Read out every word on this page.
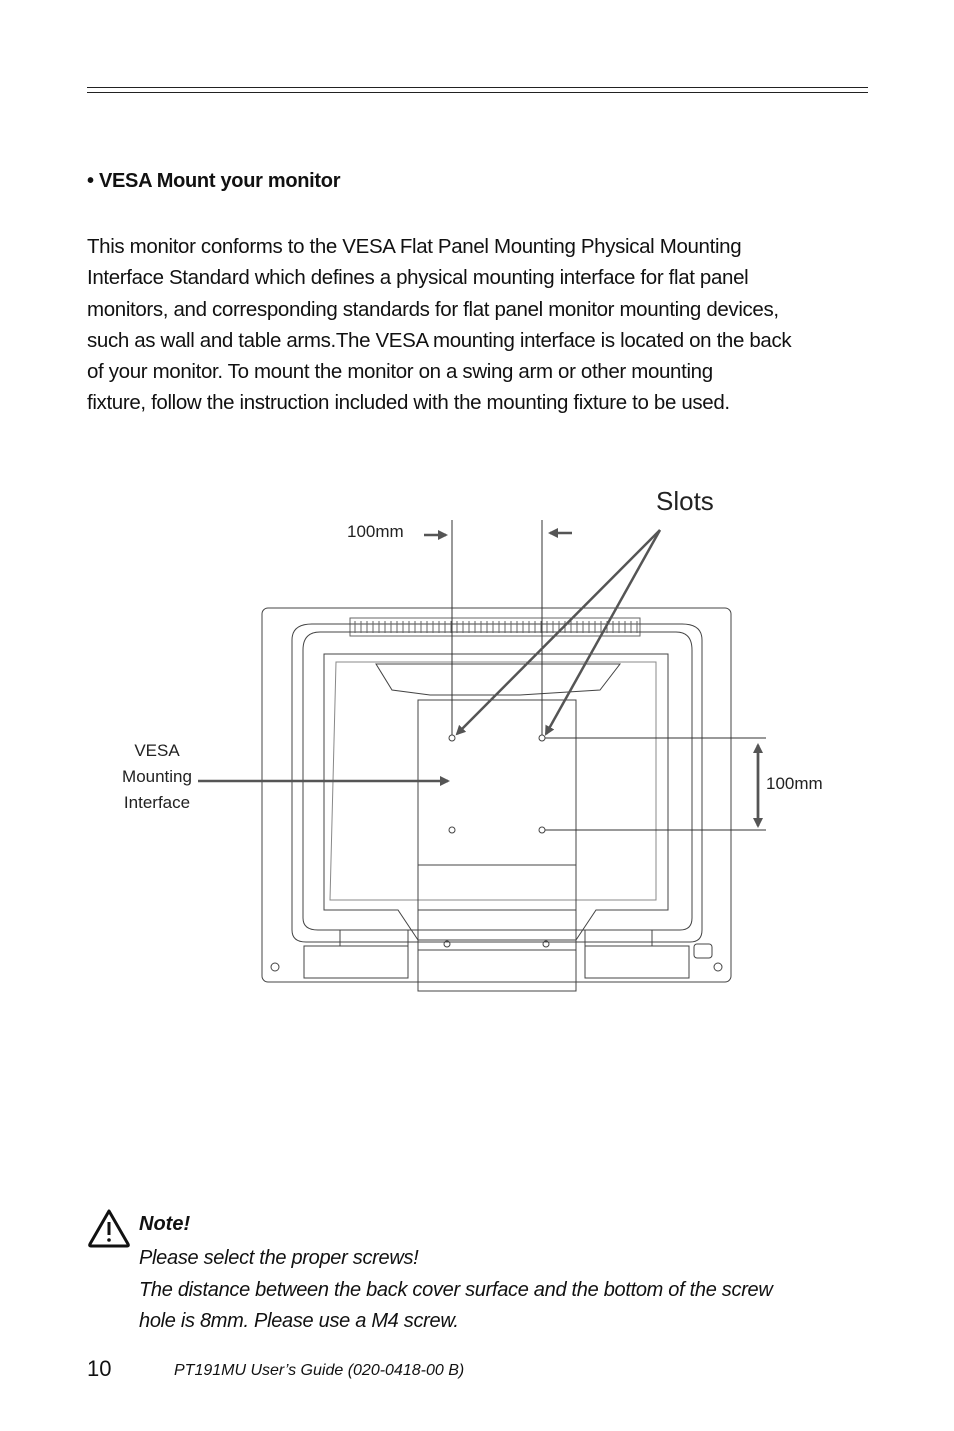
• VESA Mount your monitor

This monitor conforms to the VESA Flat Panel Mounting Physical Mounting

Interface Standard which defines a physical mounting interface for flat panel

monitors, and corresponding standards for flat panel monitor mounting devices,

such as wall and table arms.The VESA mounting interface is located on the back

of your monitor. To mount the monitor on a swing arm or other mounting

fixture, follow the instruction included with the mounting fixture to be used.

Slots
100mm
100mm
VESA
Mounting
Interface
Note!

Please select the proper screws!

The distance between the back cover surface and the bottom of the screw

hole is 8mm. Please use a M4 screw.

10	PT191MU User’s Guide (020-0418-00 B)
